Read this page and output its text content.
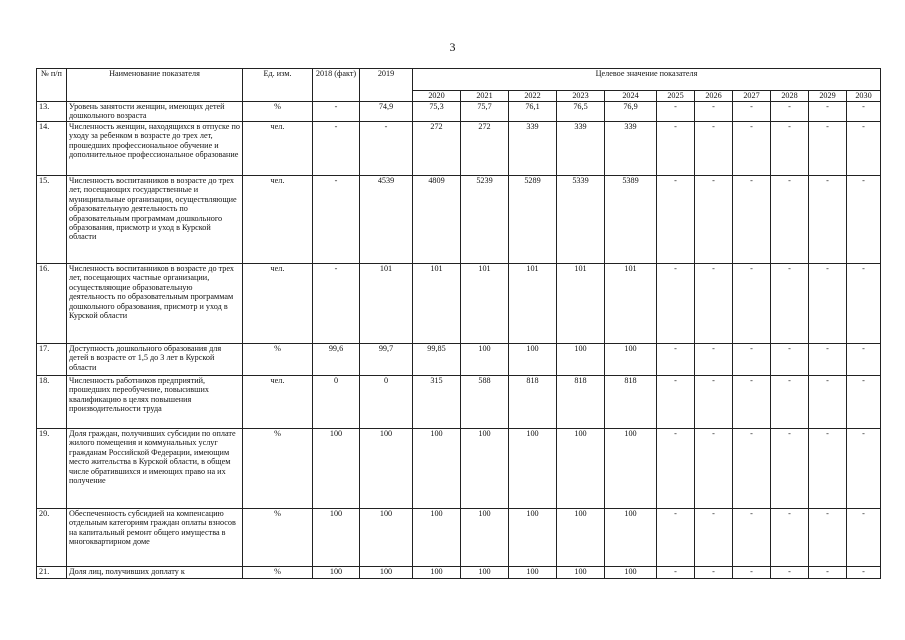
3
№ п/п	Наименование показателя	Ед. изм.	2018 (факт)	2019	Целевое значение показателя										
					2020	2021	2022	2023	2024	2025	2026	2027	2028	2029	2030
13.	Уровень занятости женщин, имеющих детей дошкольного возраста	%	-	74,9	75,3	75,7	76,1	76,5	76,9	-	-	-	-	-	-
14.	Численность женщин, находящихся в отпуске по уходу за ребенком в возрасте до трех лет, прошедших профессиональное обучение и дополнительное профессиональное образование	чел.	-	-	272	272	339	339	339	-	-	-	-	-	-
15.	Численность воспитанников в возрасте до трех лет, посещающих государственные и муниципальные организации, осуществляющие образовательную деятельность по образовательным программам дошкольного образования, присмотр и уход в Курской области	чел.	-	4539	4809	5239	5289	5339	5389	-	-	-	-	-	-
16.	Численность воспитанников в возрасте до трех лет, посещающих частные организации, осуществляющие образовательную деятельность по образовательным программам дошкольного образования, присмотр и уход в Курской области	чел.	-	101	101	101	101	101	101	-	-	-	-	-	-
17.	Доступность дошкольного образования для детей в возрасте от 1,5 до 3 лет в Курской области	%	99,6	99,7	99,85	100	100	100	100	-	-	-	-	-	-
18.	Численность работников предприятий, прошедших переобучение, повысивших квалификацию в целях повышения производительности труда	чел.	0	0	315	588	818	818	818	-	-	-	-	-	-
19.	Доля граждан, получивших субсидии по оплате жилого помещения и коммунальных услуг гражданам Российской Федерации, имеющим место жительства в Курской области, в общем числе обратившихся и имеющих право на их получение	%	100	100	100	100	100	100	100	-	-	-	-	-	-
20.	Обеспеченность субсидией на компенсацию отдельным категориям граждан оплаты взносов на капитальный ремонт общего имущества в многоквартирном доме	%	100	100	100	100	100	100	100	-	-	-	-	-	-
21.	Доля лиц, получивших доплату к	%	100	100	100	100	100	100	100	-	-	-	-	-	-
